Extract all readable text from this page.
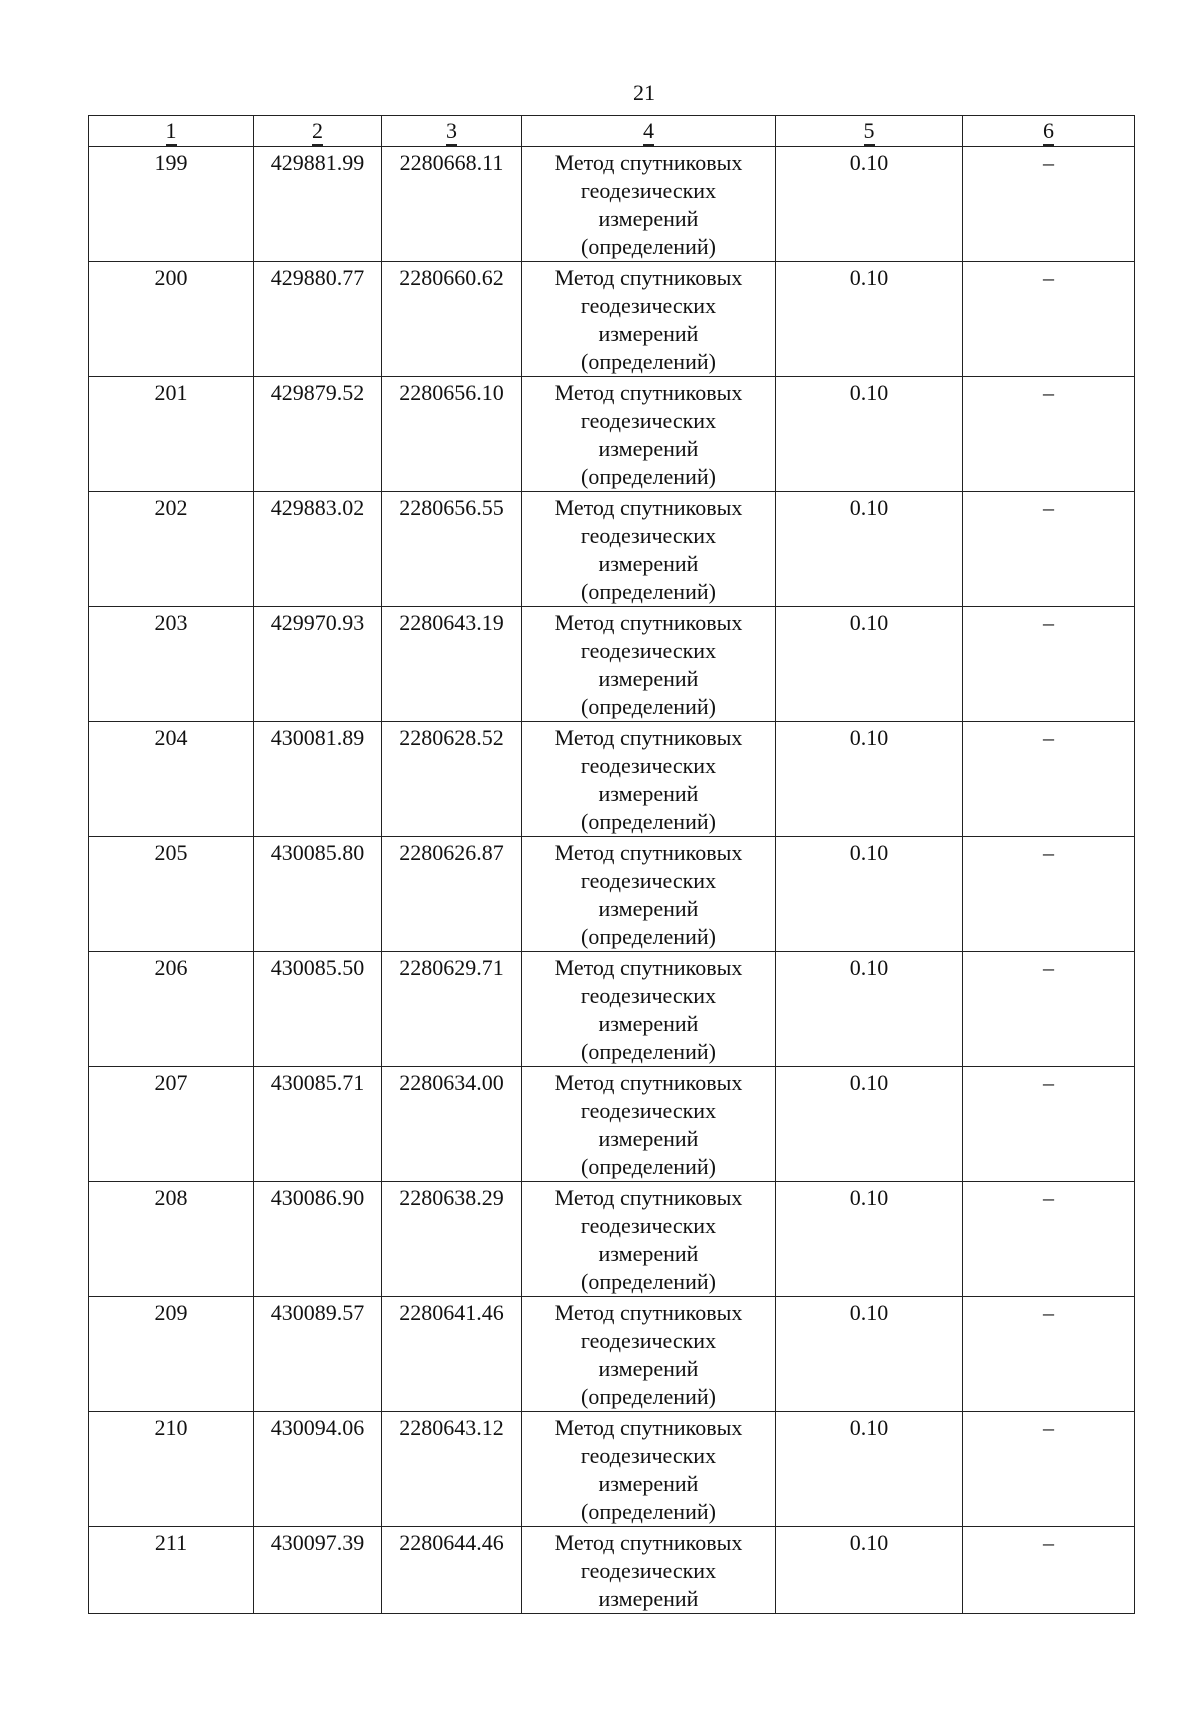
21
1	2	3	4	5	6
199	429881.99	2280668.11	Метод спутниковых
геодезических
измерений
(определений)	0.10	–
200	429880.77	2280660.62	Метод спутниковых
геодезических
измерений
(определений)	0.10	–
201	429879.52	2280656.10	Метод спутниковых
геодезических
измерений
(определений)	0.10	–
202	429883.02	2280656.55	Метод спутниковых
геодезических
измерений
(определений)	0.10	–
203	429970.93	2280643.19	Метод спутниковых
геодезических
измерений
(определений)	0.10	–
204	430081.89	2280628.52	Метод спутниковых
геодезических
измерений
(определений)	0.10	–
205	430085.80	2280626.87	Метод спутниковых
геодезических
измерений
(определений)	0.10	–
206	430085.50	2280629.71	Метод спутниковых
геодезических
измерений
(определений)	0.10	–
207	430085.71	2280634.00	Метод спутниковых
геодезических
измерений
(определений)	0.10	–
208	430086.90	2280638.29	Метод спутниковых
геодезических
измерений
(определений)	0.10	–
209	430089.57	2280641.46	Метод спутниковых
геодезических
измерений
(определений)	0.10	–
210	430094.06	2280643.12	Метод спутниковых
геодезических
измерений
(определений)	0.10	–
211	430097.39	2280644.46	Метод спутниковых
геодезических
измерений	0.10	–
